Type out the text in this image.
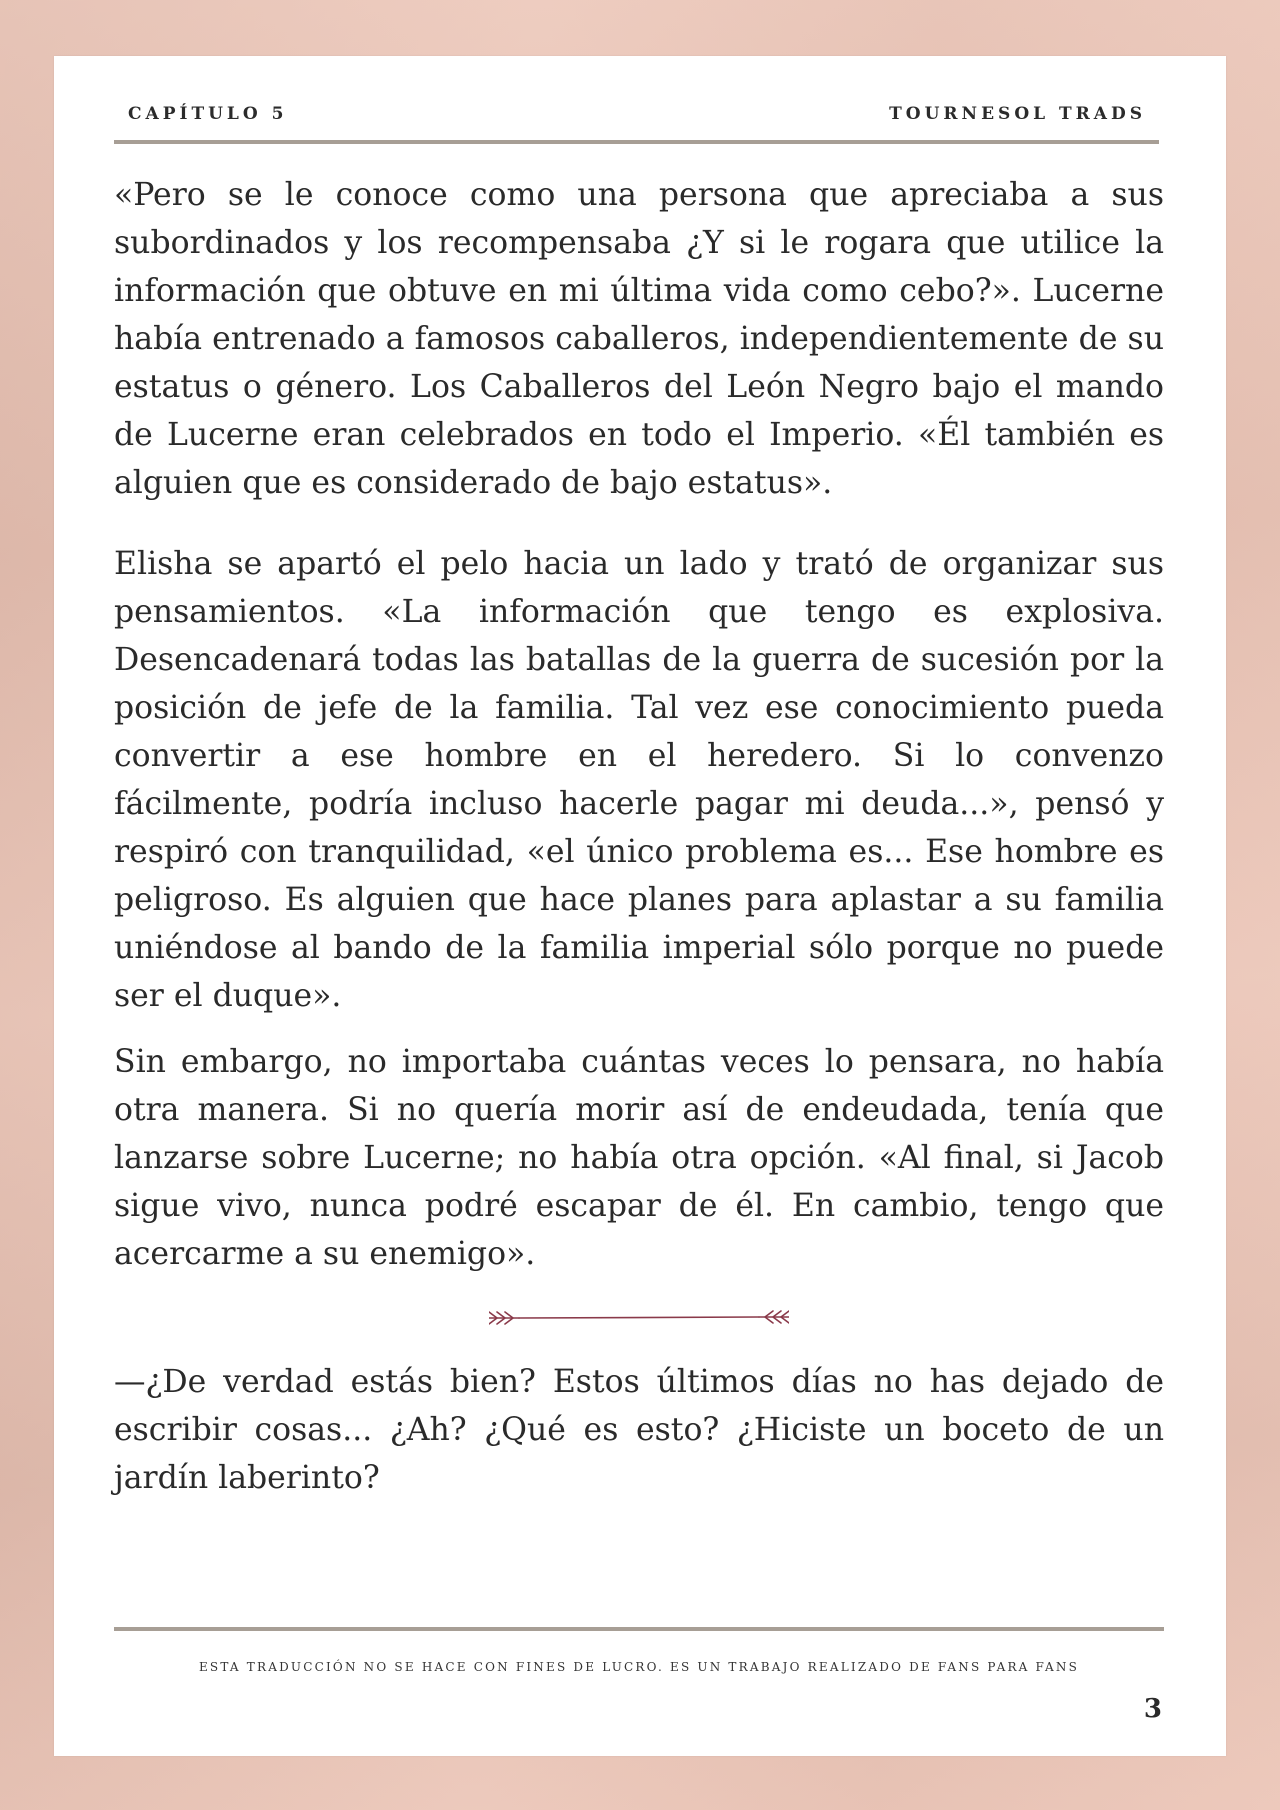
CAPÍTULO 5	TOURNESOL TRADS

«Pero se le conoce como una persona que apreciaba a sus subordinados y los recompensaba ¿Y si le rogara que utilice la información que obtuve en mi última vida como cebo?». Lucerne había entrenado a famosos caballeros, independientemente de su estatus o género. Los Caballeros del León Negro bajo el mando de Lucerne eran celebrados en todo el Imperio. «Él también es alguien que es considerado de bajo estatus».

Elisha se apartó el pelo hacia un lado y trató de organizar sus pensamientos. «La información que tengo es explosiva. Desencadenará todas las batallas de la guerra de sucesión por la posición de jefe de la familia. Tal vez ese conocimiento pueda convertir a ese hombre en el heredero. Si lo convenzo fácilmente, podría incluso hacerle pagar mi deuda...», pensó y respiró con tranquilidad, «el único problema es... Ese hombre es peligroso. Es alguien que hace planes para aplastar a su familia uniéndose al bando de la familia imperial sólo porque no puede ser el duque».

Sin embargo, no importaba cuántas veces lo pensara, no había otra manera. Si no quería morir así de endeudada, tenía que lanzarse sobre Lucerne; no había otra opción. «Al final, si Jacob sigue vivo, nunca podré escapar de él. En cambio, tengo que acercarme a su enemigo».

—¿De verdad estás bien? Estos últimos días no has dejado de escribir cosas... ¿Ah? ¿Qué es esto? ¿Hiciste un boceto de un jardín laberinto?

ESTA TRADUCCIÓN NO SE HACE CON FINES DE LUCRO. ES UN TRABAJO REALIZADO DE FANS PARA FANS
3
